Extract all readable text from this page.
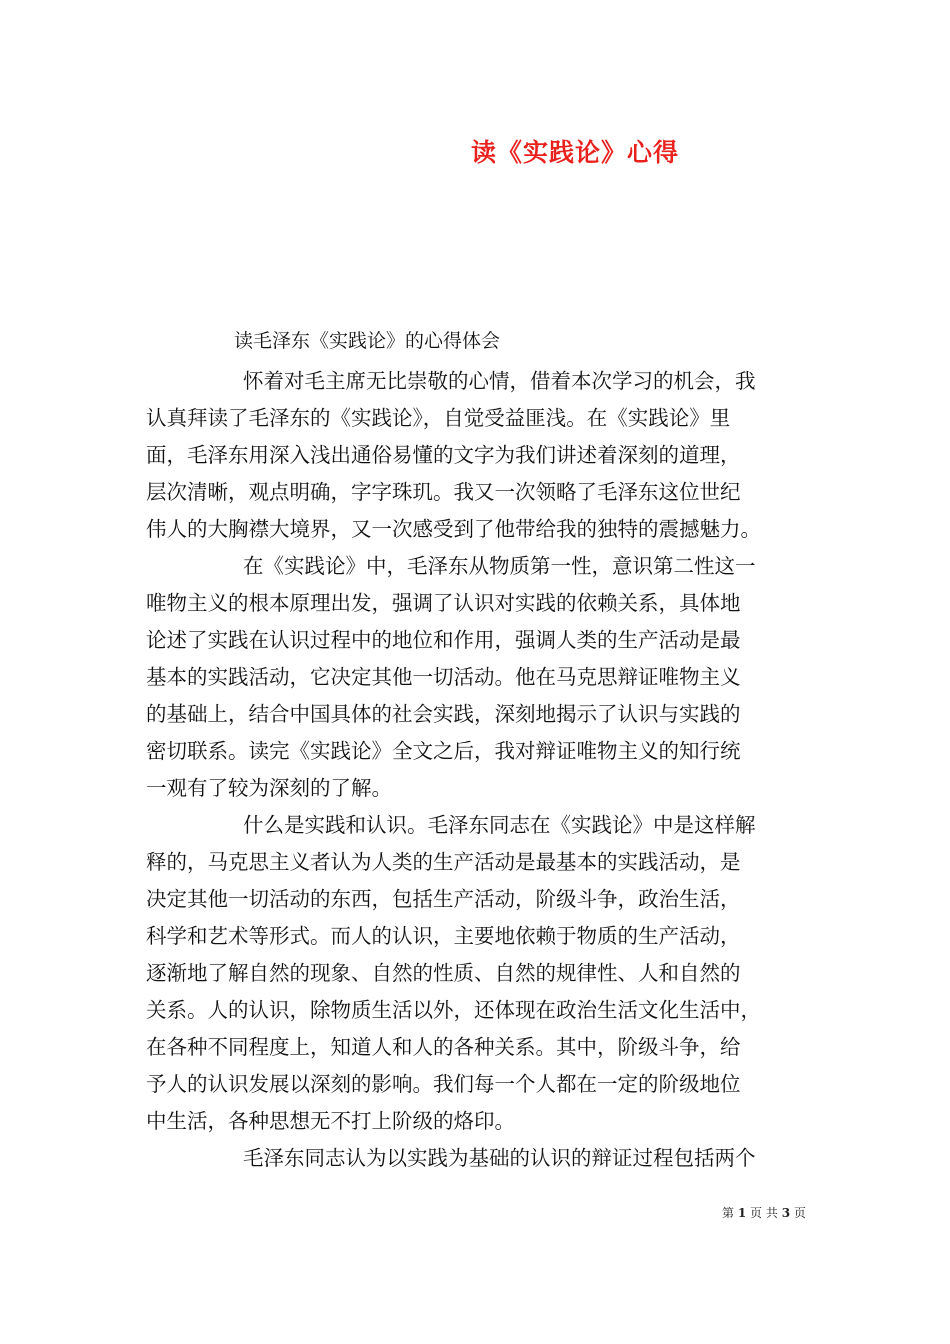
读《实践论》心得
读毛泽东《实践论》的心得体会
怀着对毛主席无比崇敬的心情，借着本次学习的机会，我
认真拜读了毛泽东的《实践论》，自觉受益匪浅。在《实践论》里
面，毛泽东用深入浅出通俗易懂的文字为我们讲述着深刻的道理，
层次清晰，观点明确，字字珠玑。我又一次领略了毛泽东这位世纪
伟人的大胸襟大境界，又一次感受到了他带给我的独特的震撼魅力。
在《实践论》中，毛泽东从物质第一性，意识第二性这一
唯物主义的根本原理出发，强调了认识对实践的依赖关系，具体地
论述了实践在认识过程中的地位和作用，强调人类的生产活动是最
基本的实践活动，它决定其他一切活动。他在马克思辩证唯物主义
的基础上，结合中国具体的社会实践，深刻地揭示了认识与实践的
密切联系。读完《实践论》全文之后，我对辩证唯物主义的知行统
一观有了较为深刻的了解。
什么是实践和认识。毛泽东同志在《实践论》中是这样解
释的，马克思主义者认为人类的生产活动是最基本的实践活动，是
决定其他一切活动的东西，包括生产活动，阶级斗争，政治生活，
科学和艺术等形式。而人的认识，主要地依赖于物质的生产活动，
逐渐地了解自然的现象、自然的性质、自然的规律性、人和自然的
关系。人的认识，除物质生活以外，还体现在政治生活文化生活中，
在各种不同程度上，知道人和人的各种关系。其中，阶级斗争，给
予人的认识发展以深刻的影响。我们每一个人都在一定的阶级地位
中生活，各种思想无不打上阶级的烙印。
毛泽东同志认为以实践为基础的认识的辩证过程包括两个
第 1 页 共 3 页
